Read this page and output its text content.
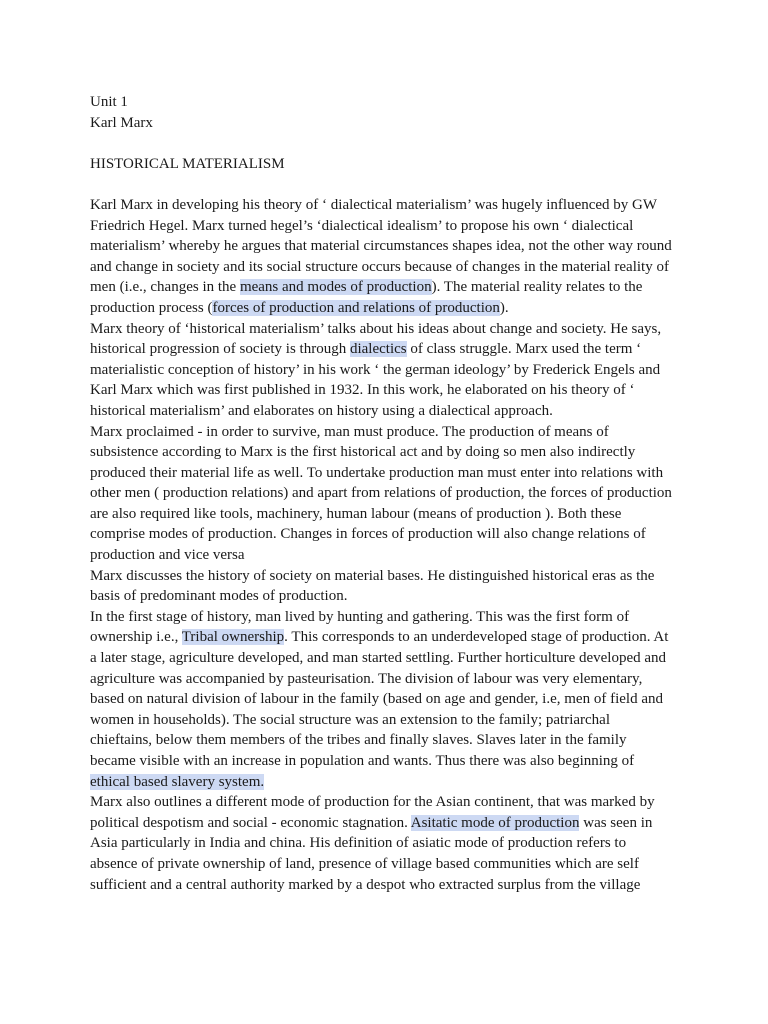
Unit 1
Karl Marx
HISTORICAL MATERIALISM
Karl Marx in developing his theory of ‘ dialectical materialism’ was hugely influenced by GW
Friedrich Hegel. Marx turned hegel’s ‘dialectical idealism’ to propose his own ‘ dialectical
materialism’ whereby he argues that material circumstances shapes idea, not the other way round
and change in society and its social structure occurs because of changes in the material reality of
men (i.e., changes in the means and modes of production). The material reality relates to the
production process (forces of production and relations of production).
Marx theory of ‘historical materialism’ talks about his ideas about change and society. He says,
historical progression of society is through dialectics of class struggle. Marx used the term ‘
materialistic conception of history’ in his work ‘ the german ideology’ by Frederick Engels and
Karl Marx which was first published in 1932. In this work, he elaborated on his theory of ‘
historical materialism’ and elaborates on history using a dialectical approach.
Marx proclaimed - in order to survive, man must produce. The production of means of
subsistence according to Marx is the first historical act and by doing so men also indirectly
produced their material life as well. To undertake production man must enter into relations with
other men ( production relations) and apart from relations of production, the forces of production
are also required like tools, machinery, human labour (means of production ). Both these
comprise modes of production. Changes in forces of production will also change relations of
production and vice versa
Marx discusses the history of society on material bases. He distinguished historical eras as the
basis of predominant modes of production.
In the first stage of history, man lived by hunting and gathering. This was the first form of
ownership i.e., Tribal ownership. This corresponds to an underdeveloped stage of production. At
a later stage, agriculture developed, and man started settling. Further horticulture developed and
agriculture was accompanied by pasteurisation. The division of labour was very elementary,
based on natural division of labour in the family (based on age and gender, i.e, men of field and
women in households). The social structure was an extension to the family; patriarchal
chieftains, below them members of the tribes and finally slaves. Slaves later in the family
became visible with an increase in population and wants. Thus there was also beginning of
ethical based slavery system.
Marx also outlines a different mode of production for the Asian continent, that was marked by
political despotism and social - economic stagnation. Asitatic mode of production was seen in
Asia particularly in India and china. His definition of asiatic mode of production refers to
absence of private ownership of land, presence of village based communities which are self
sufficient and a central authority marked by a despot who extracted surplus from the village
